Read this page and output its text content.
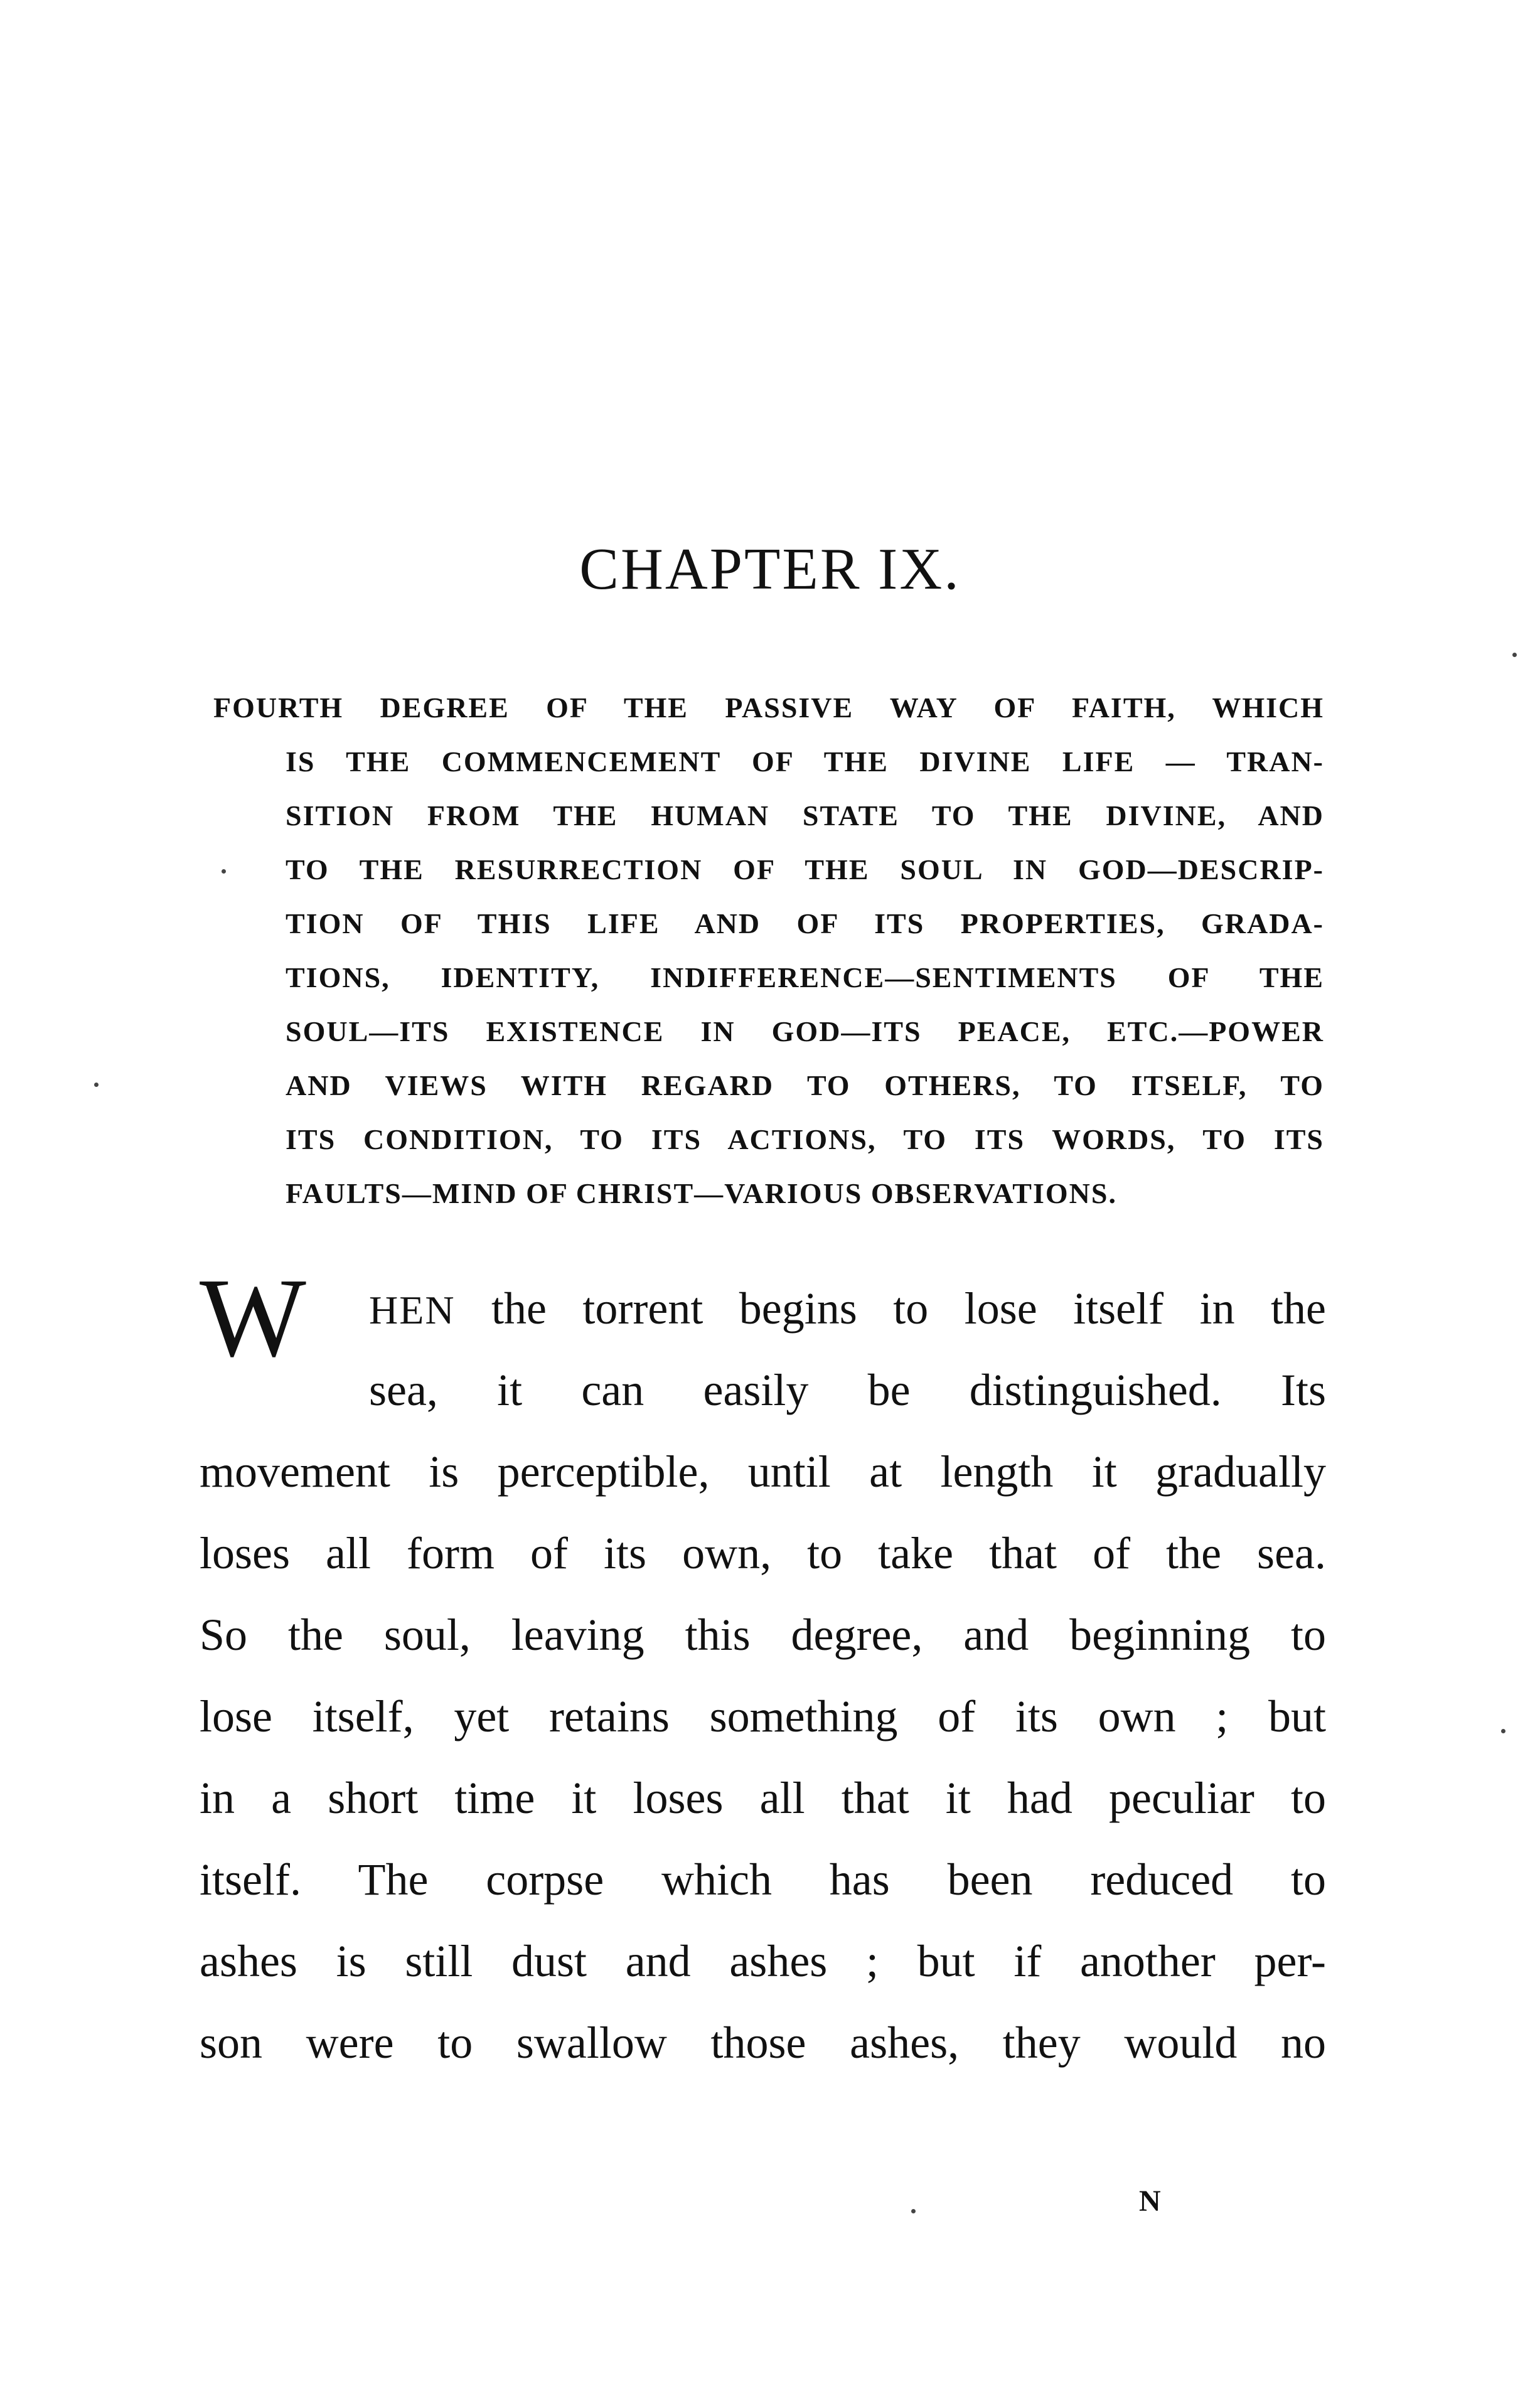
CHAPTER IX.
FOURTH DEGREE OF THE PASSIVE WAY OF FAITH, WHICH
IS THE COMMENCEMENT OF THE DIVINE LIFE — TRAN-
SITION FROM THE HUMAN STATE TO THE DIVINE, AND
TO THE RESURRECTION OF THE SOUL IN GOD—DESCRIP-
TION OF THIS LIFE AND OF ITS PROPERTIES, GRADA-
TIONS, IDENTITY, INDIFFERENCE—SENTIMENTS OF THE
SOUL—ITS EXISTENCE IN GOD—ITS PEACE, ETC.—POWER
AND VIEWS WITH REGARD TO OTHERS, TO ITSELF, TO
ITS CONDITION, TO ITS ACTIONS, TO ITS WORDS, TO ITS
FAULTS—MIND OF CHRIST—VARIOUS OBSERVATIONS.
W HEN the torrent begins to lose itself in the
sea, it can easily be distinguished. Its
movement is perceptible, until at length it gradually
loses all form of its own, to take that of the sea.
So the soul, leaving this degree, and beginning to
lose itself, yet retains something of its own ; but
in a short time it loses all that it had peculiar to
itself. The corpse which has been reduced to
ashes is still dust and ashes ; but if another per-
son were to swallow those ashes, they would no
N
